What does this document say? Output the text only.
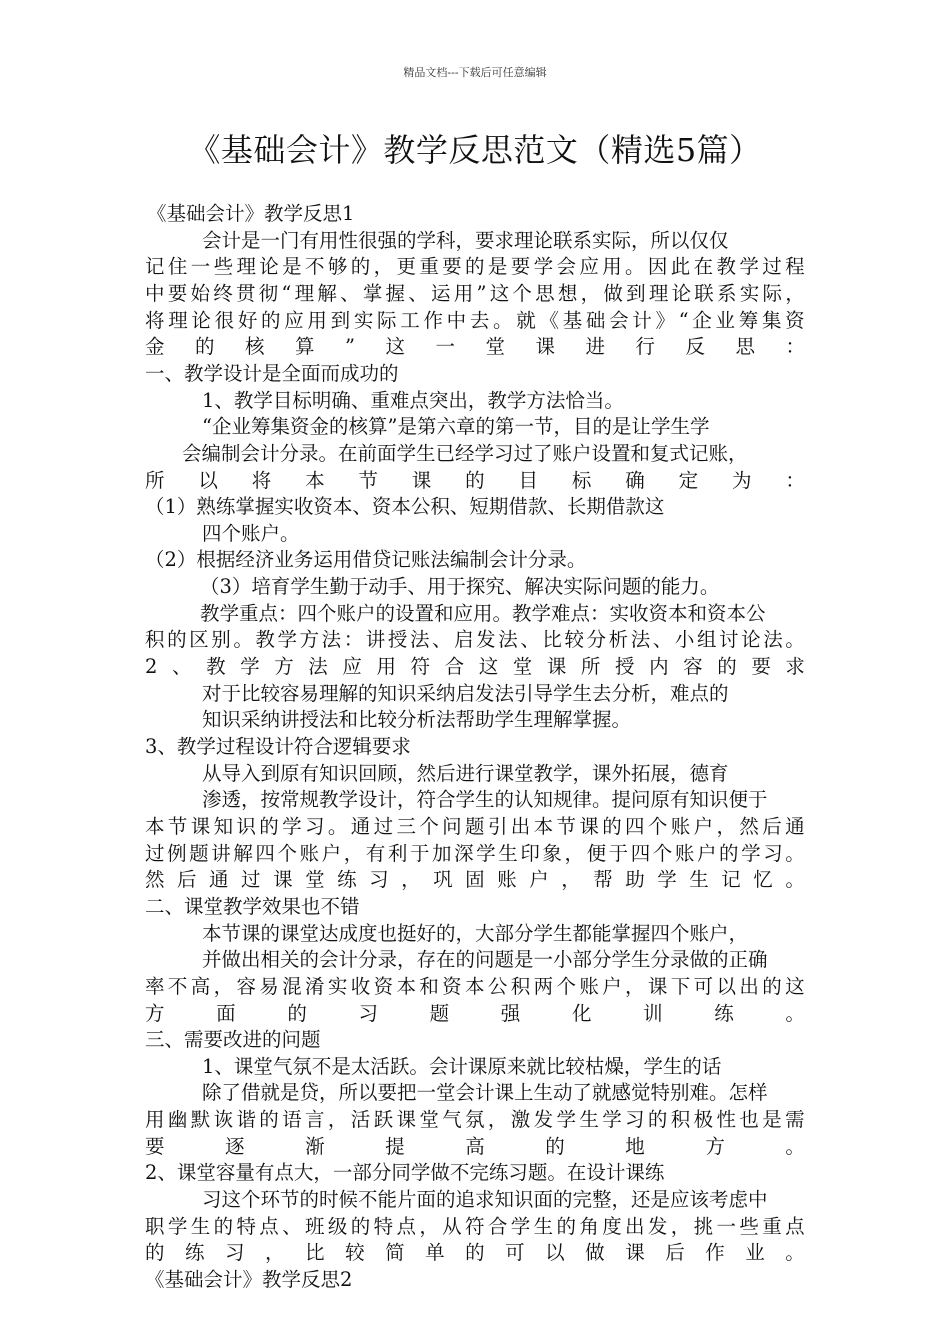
精品文档---下载后可任意编辑
《基础会计》教学反思范文（精选5篇）
《基础会计》教学反思1
会计是一门有用性很强的学科，要求理论联系实际，所以仅仅
记 住 一 些 理 论 是 不 够 的 ， 更 重 要 的 是 要 学 会 应 用 。 因 此 在 教 学 过 程
中 要 始 终 贯 彻 “ 理 解 、 掌 握 、 运 用 ” 这 个 思 想 ， 做 到 理 论 联 系 实 际 ，
将 理 论 很 好 的 应 用 到 实 际 工 作 中 去 。 就 《 基 础 会 计 》 “ 企 业 筹 集 资
金 的 核 算 ” 这 一 堂 课 进 行 反 思 ：
一、教学设计是全面而成功的
1、教学目标明确、重难点突出，教学方法恰当。
“企业筹集资金的核算”是第六章的第一节，目的是让学生学
会编制会计分录。在前面学生已经学习过了账户设置和复式记账，
所 以 将 本 节 课 的 目 标 确 定 为 ：
（1）熟练掌握实收资本、资本公积、短期借款、长期借款这
四个账户。
（2）根据经济业务运用借贷记账法编制会计分录。
（3）培育学生勤于动手、用于探究、解决实际问题的能力。
教学重点：四个账户的设置和应用。教学难点：实收资本和资本公
积 的 区 别 。 教 学 方 法 ： 讲 授 法 、 启 发 法 、 比 较 分 析 法 、 小 组 讨 论 法 。
2 、 教 学 方 法 应 用 符 合 这 堂 课 所 授 内 容 的 要 求
对于比较容易理解的知识采纳启发法引导学生去分析，难点的
知识采纳讲授法和比较分析法帮助学生理解掌握。
3、教学过程设计符合逻辑要求
从导入到原有知识回顾，然后进行课堂教学，课外拓展，德育
渗透，按常规教学设计，符合学生的认知规律。提问原有知识便于
本 节 课 知 识 的 学 习 。 通 过 三 个 问 题 引 出 本 节 课 的 四 个 账 户 ， 然 后 通
过 例 题 讲 解 四 个 账 户 ， 有 利 于 加 深 学 生 印 象 ， 便 于 四 个 账 户 的 学 习 。
然 后 通 过 课 堂 练 习 ， 巩 固 账 户 ， 帮 助 学 生 记 忆 。
二、课堂教学效果也不错
本节课的课堂达成度也挺好的，大部分学生都能掌握四个账户，
并做出相关的会计分录，存在的问题是一小部分学生分录做的正确
率 不 高 ， 容 易 混 淆 实 收 资 本 和 资 本 公 积 两 个 账 户 ， 课 下 可 以 出 的 这
方	面	的	习	题	强	化	训	练	。
三、需要改进的问题
1、课堂气氛不是太活跃。会计课原来就比较枯燥，学生的话
除了借就是贷，所以要把一堂会计课上生动了就感觉特别难。怎样
用 幽 默 诙 谐 的 语 言 ， 活 跃 课 堂 气 氛 ， 激 发 学 生 学 习 的 积 极 性 也 是 需
要	逐	渐	提	高	的	地	方	。
2、课堂容量有点大，一部分同学做不完练习题。在设计课练
习这个环节的时候不能片面的追求知识面的完整，还是应该考虑中
职 学 生 的 特 点 、 班 级 的 特 点 ， 从 符 合 学 生 的 角 度 出 发 ， 挑 一 些 重 点
的 练 习 ， 比 较 简 单 的 可 以 做 课 后 作 业 。
《基础会计》教学反思2
